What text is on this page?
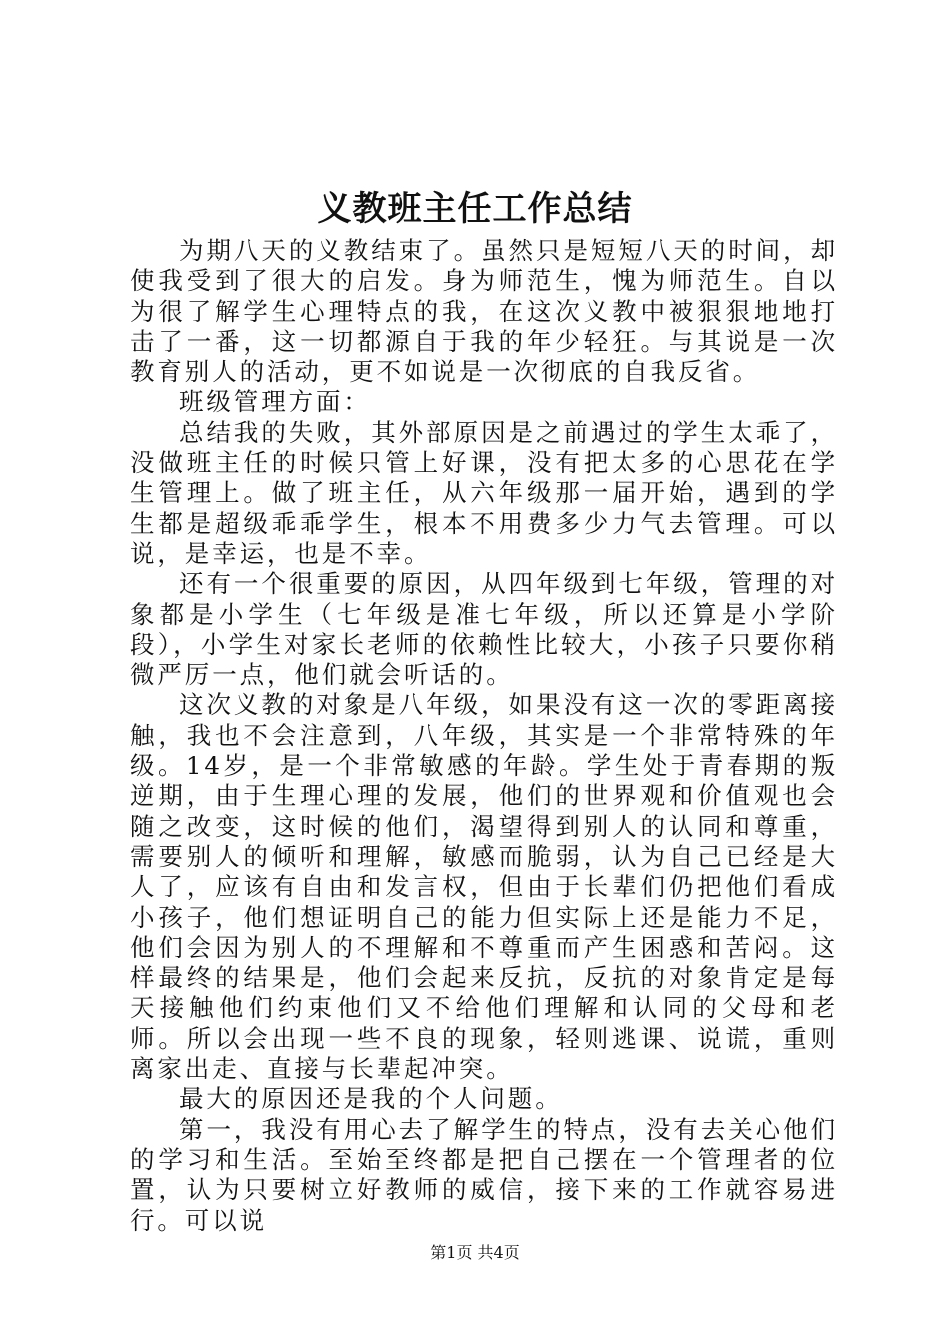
义教班主任工作总结

为期八天的义教结束了。虽然只是短短八天的时间，却使我受到了很大的启发。身为师范生，愧为师范生。自以为很了解学生心理特点的我，在这次义教中被狠狠地地打击了一番，这一切都源自于我的年少轻狂。与其说是一次教育别人的活动，更不如说是一次彻底的自我反省。

班级管理方面：

总结我的失败，其外部原因是之前遇过的学生太乖了，没做班主任的时候只管上好课，没有把太多的心思花在学生管理上。做了班主任，从六年级那一届开始，遇到的学生都是超级乖乖学生，根本不用费多少力气去管理。可以说，是幸运，也是不幸。

还有一个很重要的原因，从四年级到七年级，管理的对象都是小学生（七年级是准七年级，所以还算是小学阶段），小学生对家长老师的依赖性比较大，小孩子只要你稍微严厉一点，他们就会听话的。

这次义教的对象是八年级，如果没有这一次的零距离接触，我也不会注意到，八年级，其实是一个非常特殊的年级。14岁，是一个非常敏感的年龄。学生处于青春期的叛逆期，由于生理心理的发展，他们的世界观和价值观也会随之改变，这时候的他们，渴望得到别人的认同和尊重，需要别人的倾听和理解，敏感而脆弱，认为自己已经是大人了，应该有自由和发言权，但由于长辈们仍把他们看成小孩子，他们想证明自己的能力但实际上还是能力不足，他们会因为别人的不理解和不尊重而产生困惑和苦闷。这样最终的结果是，他们会起来反抗，反抗的对象肯定是每天接触他们约束他们又不给他们理解和认同的父母和老师。所以会出现一些不良的现象，轻则逃课、说谎，重则离家出走、直接与长辈起冲突。

最大的原因还是我的个人问题。

第一，我没有用心去了解学生的特点，没有去关心他们的学习和生活。至始至终都是把自己摆在一个管理者的位置，认为只要树立好教师的威信，接下来的工作就容易进行。可以说

第1页 共4页
